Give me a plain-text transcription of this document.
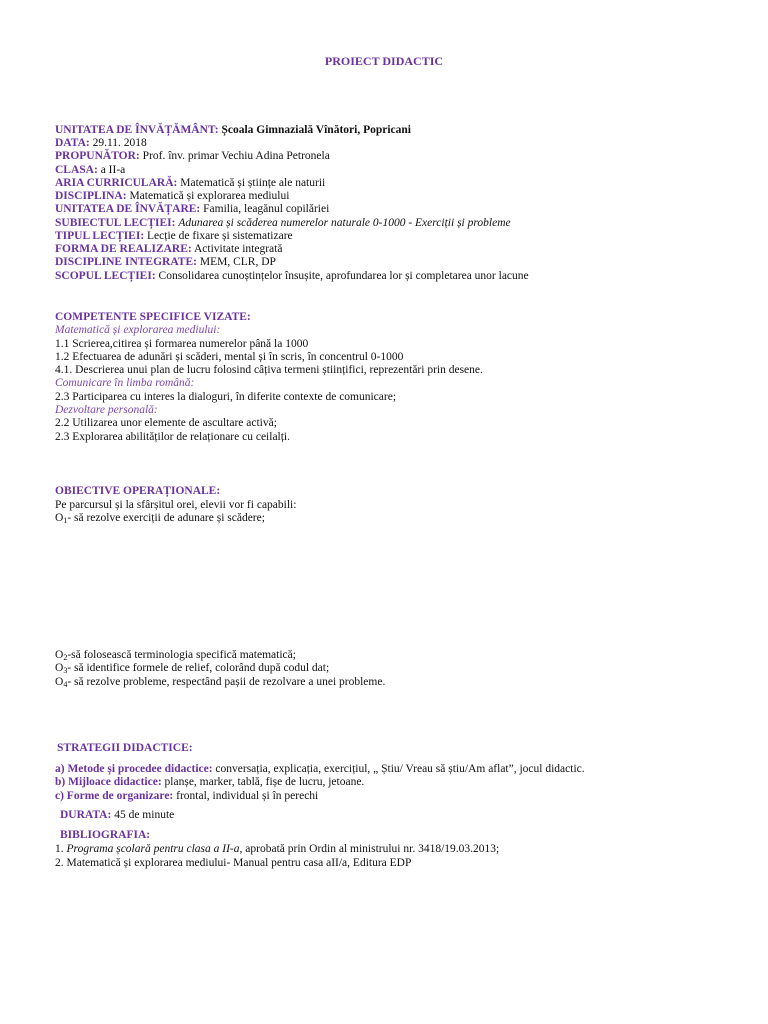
PROIECT DIDACTIC
UNITATEA DE ÎNVĂȚĂMÂNT: Școala Gimnazială Vînători, Popricani
DATA: 29.11. 2018
PROPUNĂTOR: Prof. înv. primar Vechiu Adina Petronela
CLASA: a II-a
ARIA CURRICULARĂ: Matematică și științe ale naturii
DISCIPLINA: Matematică și explorarea mediului
UNITATEA DE ÎNVĂȚARE: Familia, leagănul copilăriei
SUBIECTUL LECȚIEI: Adunarea și scăderea numerelor naturale 0-1000 - Exerciții și probleme
TIPUL LECȚIEI: Lecție de fixare și sistematizare
FORMA DE REALIZARE: Activitate integrată
DISCIPLINE INTEGRATE: MEM, CLR, DP
SCOPUL LECȚIEI: Consolidarea cunoștințelor însușite, aprofundarea lor și completarea unor lacune
COMPETENTE SPECIFICE VIZATE:
Matematică și explorarea mediului:
1.1 Scrierea,citirea și formarea numerelor până la 1000
1.2 Efectuarea de adunări și scăderi, mental și în scris, în concentrul 0-1000
4.1. Descrierea unui plan de lucru folosind câțiva termeni științifici, reprezentări prin desene.
Comunicare în limba română:
2.3 Participarea cu interes la dialoguri, în diferite contexte de comunicare;
Dezvoltare personală:
2.2 Utilizarea unor elemente de ascultare activă;
2.3 Explorarea abilităților de relaționare cu ceilalți.
OBIECTIVE OPERAȚIONALE:
Pe parcursul și la sfârșitul orei, elevii vor fi capabili:
O1- să rezolve exerciții de adunare și scădere;
O2-să folosească terminologia specifică matematică;
O3- să identifice formele de relief, colorând după codul dat;
O4- să rezolve probleme, respectând pașii de rezolvare a unei probleme.
STRATEGII DIDACTICE:
a) Metode și procedee didactice: conversația, explicația, exercițiul, „ Știu/ Vreau să știu/Am aflat”, jocul didactic.
b) Mijloace didactice: planșe, marker, tablă, fișe de lucru, jetoane.
c) Forme de organizare: frontal, individual și în perechi
DURATA: 45 de minute
BIBLIOGRAFIA:
1. Programa școlară pentru clasa a II-a, aprobată prin Ordin al ministrului nr. 3418/19.03.2013;
2. Matematică și explorarea mediului- Manual pentru casa aII/a, Editura EDP
